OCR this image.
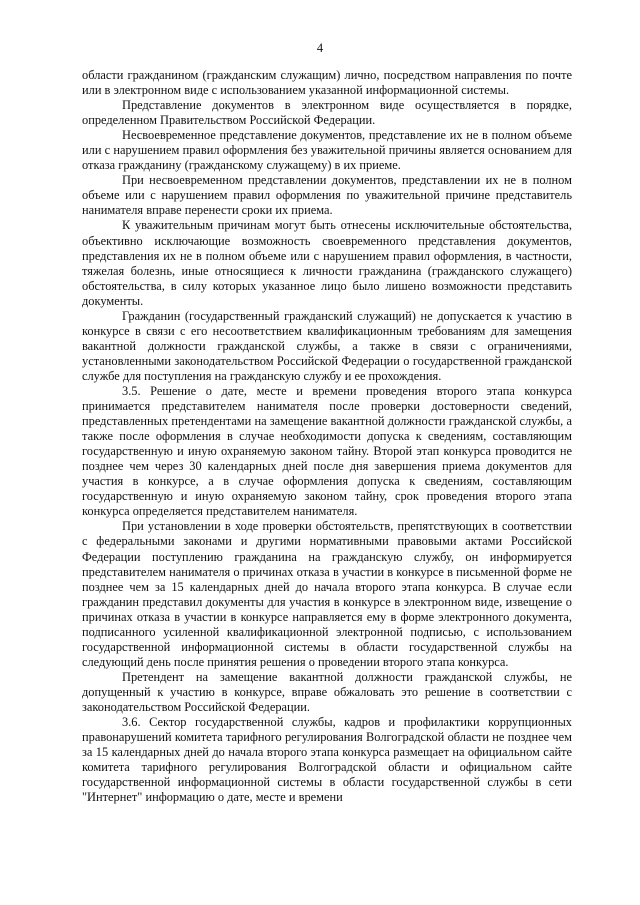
4

области гражданином (гражданским служащим) лично, посредством направления по почте или в электронном виде с использованием указанной информационной системы.

Представление документов в электронном виде осуществляется в порядке, определенном Правительством Российской Федерации.

Несвоевременное представление документов, представление их не в полном объеме или с нарушением правил оформления без уважительной причины является основанием для отказа гражданину (гражданскому служащему) в их приеме.

При несвоевременном представлении документов, представлении их не в полном объеме или с нарушением правил оформления по уважительной причине представитель нанимателя вправе перенести сроки их приема.

К уважительным причинам могут быть отнесены исключительные обстоятельства, объективно исключающие возможность своевременного представления документов, представления их не в полном объеме или с нарушением правил оформления, в частности, тяжелая болезнь, иные относящиеся к личности гражданина (гражданского служащего) обстоятельства, в силу которых указанное лицо было лишено возможности представить документы.

Гражданин (государственный гражданский служащий) не допускается к участию в конкурсе в связи с его несоответствием квалификационным требованиям для замещения вакантной должности гражданской службы, а также в связи с ограничениями, установленными законодательством Российской Федерации о государственной гражданской службе для поступления на гражданскую службу и ее прохождения.

3.5. Решение о дате, месте и времени проведения второго этапа конкурса принимается представителем нанимателя после проверки достоверности сведений, представленных претендентами на замещение вакантной должности гражданской службы, а также после оформления в случае необходимости допуска к сведениям, составляющим государственную и иную охраняемую законом тайну. Второй этап конкурса проводится не позднее чем через 30 календарных дней после дня завершения приема документов для участия в конкурсе, а в случае оформления допуска к сведениям, составляющим государственную и иную охраняемую законом тайну, срок проведения второго этапа конкурса определяется представителем нанимателя.

При установлении в ходе проверки обстоятельств, препятствующих в соответствии с федеральными законами и другими нормативными правовыми актами Российской Федерации поступлению гражданина на гражданскую службу, он информируется представителем нанимателя о причинах отказа в участии в конкурсе в письменной форме не позднее чем за 15 календарных дней до начала второго этапа конкурса. В случае если гражданин представил документы для участия в конкурсе в электронном виде, извещение о причинах отказа в участии в конкурсе направляется ему в форме электронного документа, подписанного усиленной квалификационной электронной подписью, с использованием государственной информационной системы в области государственной службы на следующий день после принятия решения о проведении второго этапа конкурса.

Претендент на замещение вакантной должности гражданской службы, не допущенный к участию в конкурсе, вправе обжаловать это решение в соответствии с законодательством Российской Федерации.

3.6. Сектор государственной службы, кадров и профилактики коррупционных правонарушений комитета тарифного регулирования Волгоградской области не позднее чем за 15 календарных дней до начала второго этапа конкурса размещает на официальном сайте комитета тарифного регулирования Волгоградской области и официальном сайте государственной информационной системы в области государственной службы в сети "Интернет" информацию о дате, месте и времени
